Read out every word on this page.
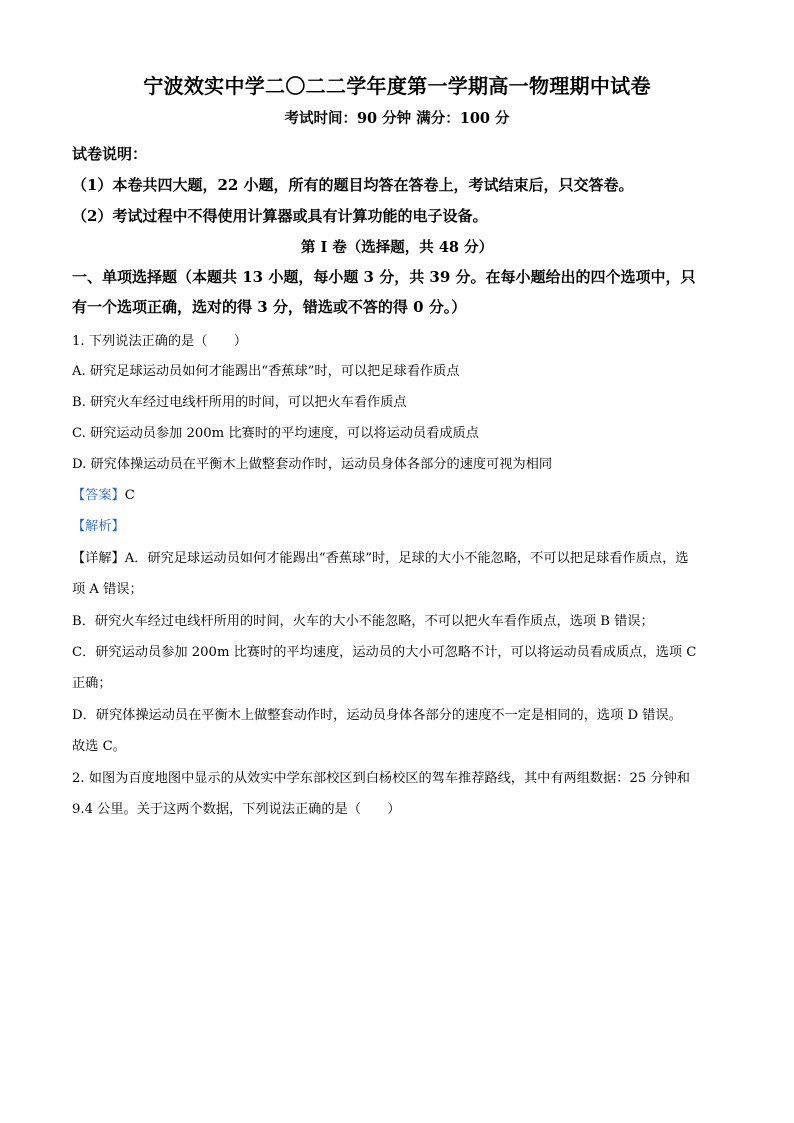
宁波效实中学二〇二二学年度第一学期高一物理期中试卷
考试时间：90 分钟 满分：100 分
试卷说明：
（1）本卷共四大题，22 小题，所有的题目均答在答卷上，考试结束后，只交答卷。
（2）考试过程中不得使用计算器或具有计算功能的电子设备。
第 I 卷（选择题，共 48 分）
一、单项选择题（本题共 13 小题，每小题 3 分，共 39 分。在每小题给出的四个选项中，只
有一个选项正确，选对的得 3 分，错选或不答的得 0 分。）
1. 下列说法正确的是（　　）
A. 研究足球运动员如何才能踢出“香蕉球”时，可以把足球看作质点
B. 研究火车经过电线杆所用的时间，可以把火车看作质点
C. 研究运动员参加 200m 比赛时的平均速度，可以将运动员看成质点
D. 研究体操运动员在平衡木上做整套动作时，运动员身体各部分的速度可视为相同
【答案】C
【解析】
【详解】A．研究足球运动员如何才能踢出“香蕉球”时，足球的大小不能忽略，不可以把足球看作质点，选
项 A 错误；
B．研究火车经过电线杆所用的时间，火车的大小不能忽略，不可以把火车看作质点，选项 B 错误；
C．研究运动员参加 200m 比赛时的平均速度，运动员的大小可忽略不计，可以将运动员看成质点，选项 C
正确；
D．研究体操运动员在平衡木上做整套动作时，运动员身体各部分的速度不一定是相同的，选项 D 错误。
故选 C。
2. 如图为百度地图中显示的从效实中学东部校区到白杨校区的驾车推荐路线，其中有两组数据：25 分钟和
9.4 公里。关于这两个数据，下列说法正确的是（　　）
